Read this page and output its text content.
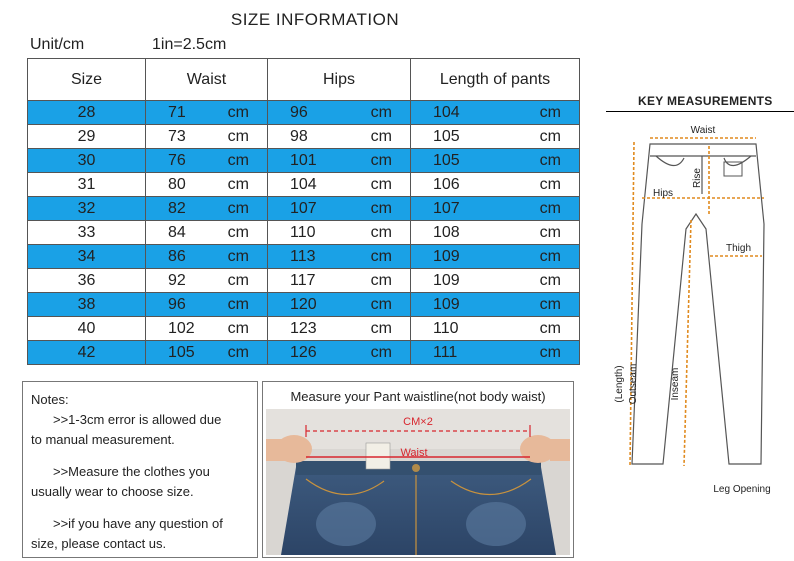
SIZE INFORMATION
Unit/cm	1in=2.5cm
Size	Waist	Hips	Length of pants
28	71 cm	96 cm	104 cm

29	73 cm	98 cm	105 cm

30	76 cm	101 cm	105 cm

31	80 cm	104 cm	106 cm

32	82 cm	107 cm	107 cm

33	84 cm	110 cm	108 cm

34	86 cm	113 cm	109 cm

36	92 cm	117 cm	109 cm

38	96 cm	120 cm	109 cm

40	102 cm	123 cm	110 cm

42	105 cm	126 cm	111 cm

Notes:

>>1-3cm error is allowed due

to manual measurement.

>>Measure the clothes you

usually wear to choose size.

>>if you have any question of

size, please contact us.

Measure your Pant waistline(not body waist)
CM×2
Waist
KEY MEASUREMENTS
Waist
Rise
Hips
Thigh
(Length) Outseam	Inseam
Leg Opening
